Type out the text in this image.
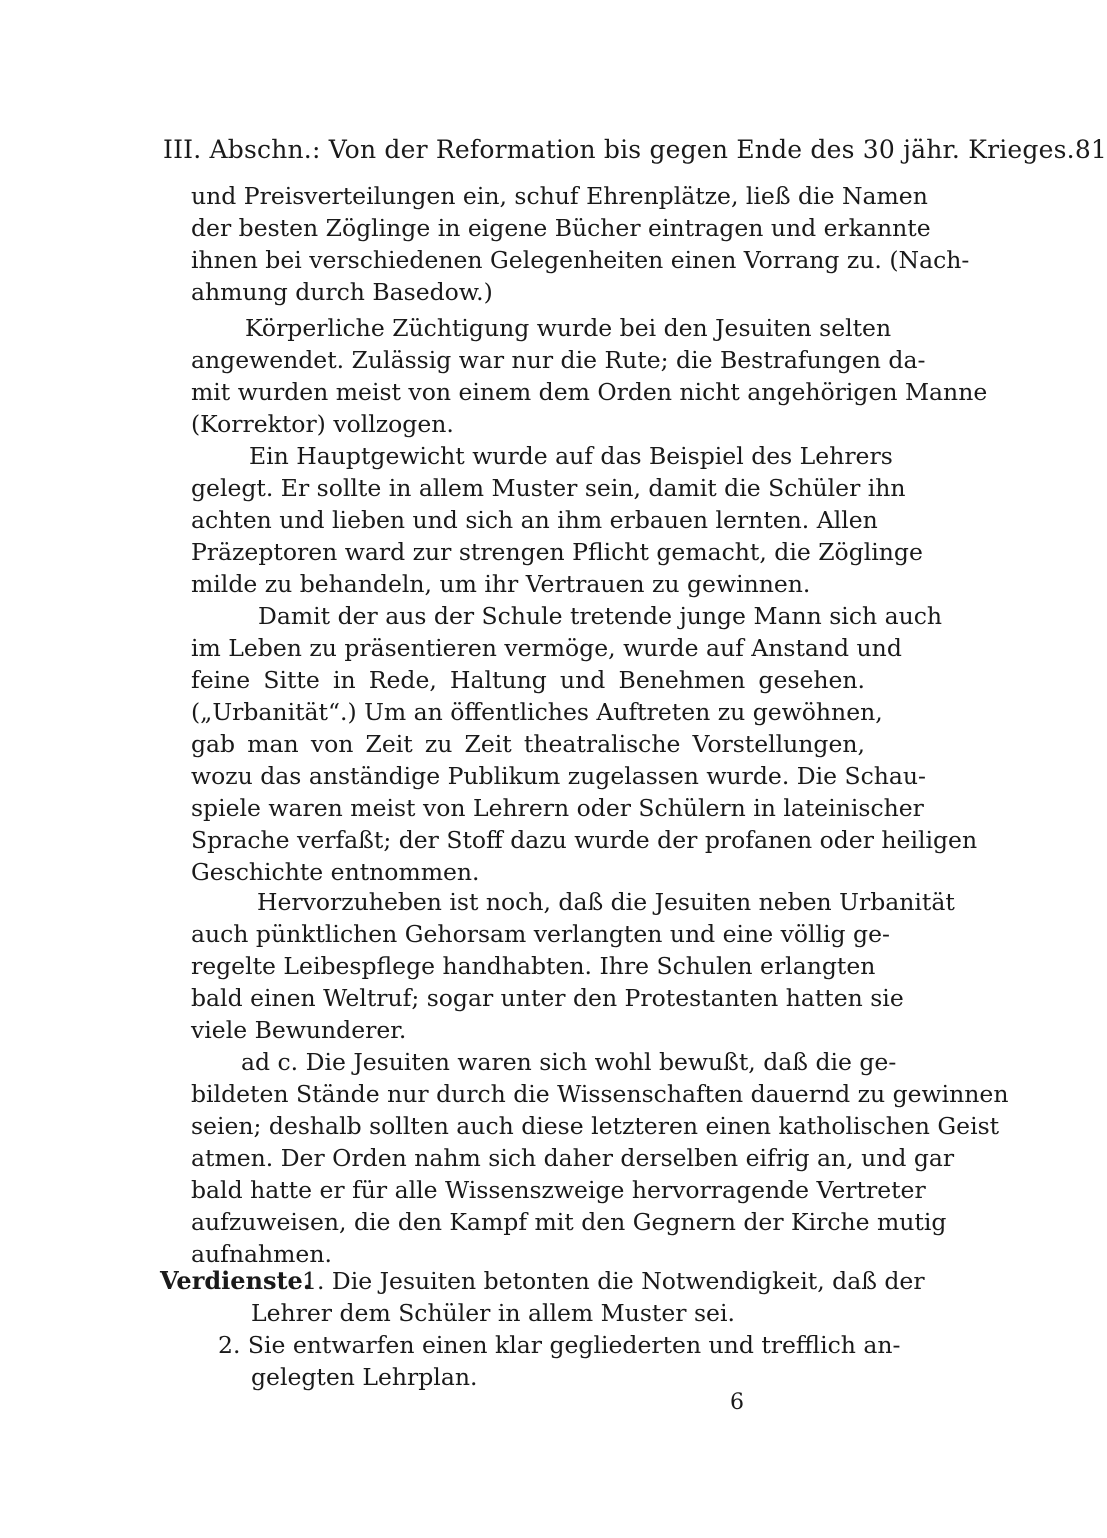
III. Abschn.: Von der Reformation bis gegen Ende des 30 jähr. Krieges. 81
und Preisverteilungen ein, schuf Ehrenplätze, ließ die Namen
der besten Zöglinge in eigene Bücher eintragen und erkannte
ihnen bei verschiedenen Gelegenheiten einen Vorrang zu. (Nach-
ahmung durch Basedow.)
Körperliche Züchtigung wurde bei den Jesuiten selten
angewendet. Zulässig war nur die Rute; die Bestrafungen da-
mit wurden meist von einem dem Orden nicht angehörigen Manne
(Korrektor) vollzogen.
Ein Hauptgewicht wurde auf das Beispiel des Lehrers
gelegt. Er sollte in allem Muster sein, damit die Schüler ihn
achten und lieben und sich an ihm erbauen lernten. Allen
Präzeptoren ward zur strengen Pflicht gemacht, die Zöglinge
milde zu behandeln, um ihr Vertrauen zu gewinnen.
Damit der aus der Schule tretende junge Mann sich auch
im Leben zu präsentieren vermöge, wurde auf Anstand und
feine Sitte in Rede, Haltung und Benehmen gesehen.
(„Urbanität“.) Um an öffentliches Auftreten zu gewöhnen,
gab man von Zeit zu Zeit theatralische Vorstellungen,
wozu das anständige Publikum zugelassen wurde. Die Schau-
spiele waren meist von Lehrern oder Schülern in lateinischer
Sprache verfaßt; der Stoff dazu wurde der profanen oder heiligen
Geschichte entnommen.
Hervorzuheben ist noch, daß die Jesuiten neben Urbanität
auch pünktlichen Gehorsam verlangten und eine völlig ge-
regelte Leibespflege handhabten. Ihre Schulen erlangten
bald einen Weltruf; sogar unter den Protestanten hatten sie
viele Bewunderer.
ad c. Die Jesuiten waren sich wohl bewußt, daß die ge-
bildeten Stände nur durch die Wissenschaften dauernd zu gewinnen
seien; deshalb sollten auch diese letzteren einen katholischen Geist
atmen. Der Orden nahm sich daher derselben eifrig an, und gar
bald hatte er für alle Wissenszweige hervorragende Vertreter
aufzuweisen, die den Kampf mit den Gegnern der Kirche mutig
aufnahmen.
Verdienste.
1. Die Jesuiten betonten die Notwendigkeit, daß der
Lehrer dem Schüler in allem Muster sei.
2. Sie entwarfen einen klar gegliederten und trefflich an-
gelegten Lehrplan.
6
